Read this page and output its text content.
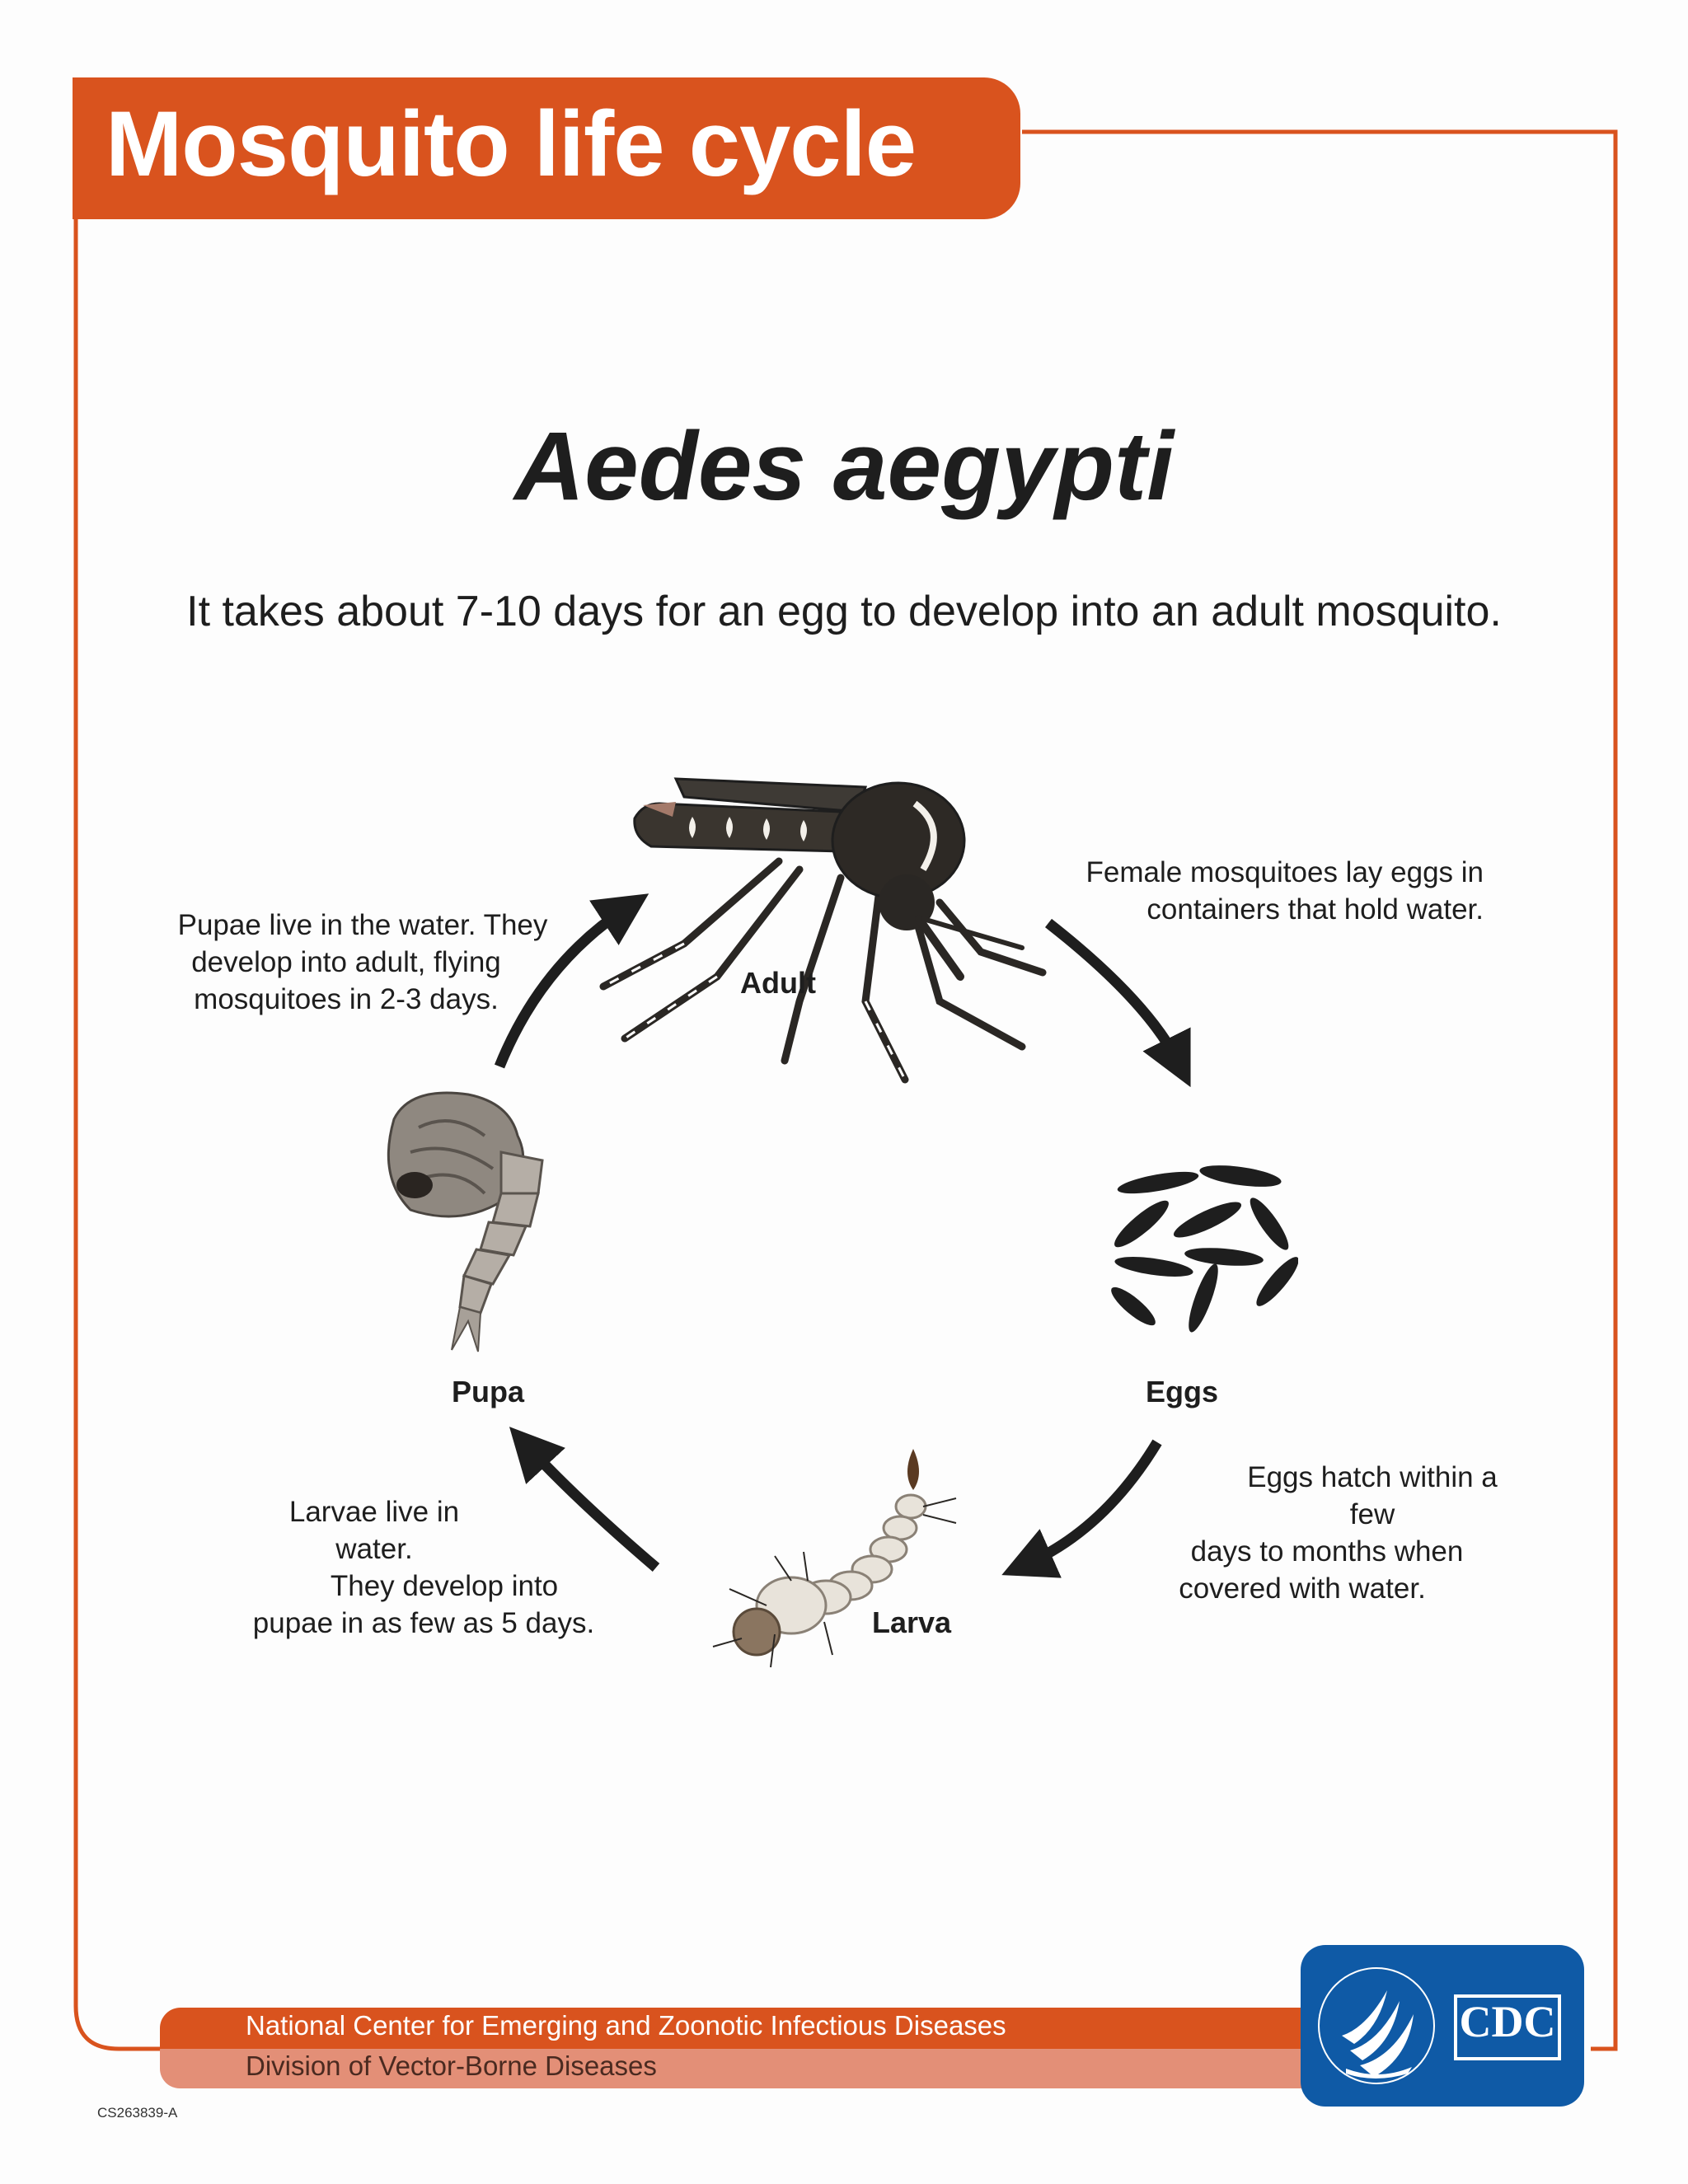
Mosquito life cycle
Aedes aegypti
It takes about 7-10 days for an egg to develop into an adult mosquito.
Adult
Eggs
Larva
Pupa
Female mosquitoes lay eggs in
containers that hold water.
Eggs hatch within a few
days to months when
covered with water.
Larvae live in water.
They develop into
pupae in as few as 5 days.
Pupae live in the water. They
develop into adult, flying
mosquitoes in 2-3 days.
National Center for Emerging and Zoonotic Infectious Diseases
Division of Vector-Borne Diseases
CS263839-A
CDC
